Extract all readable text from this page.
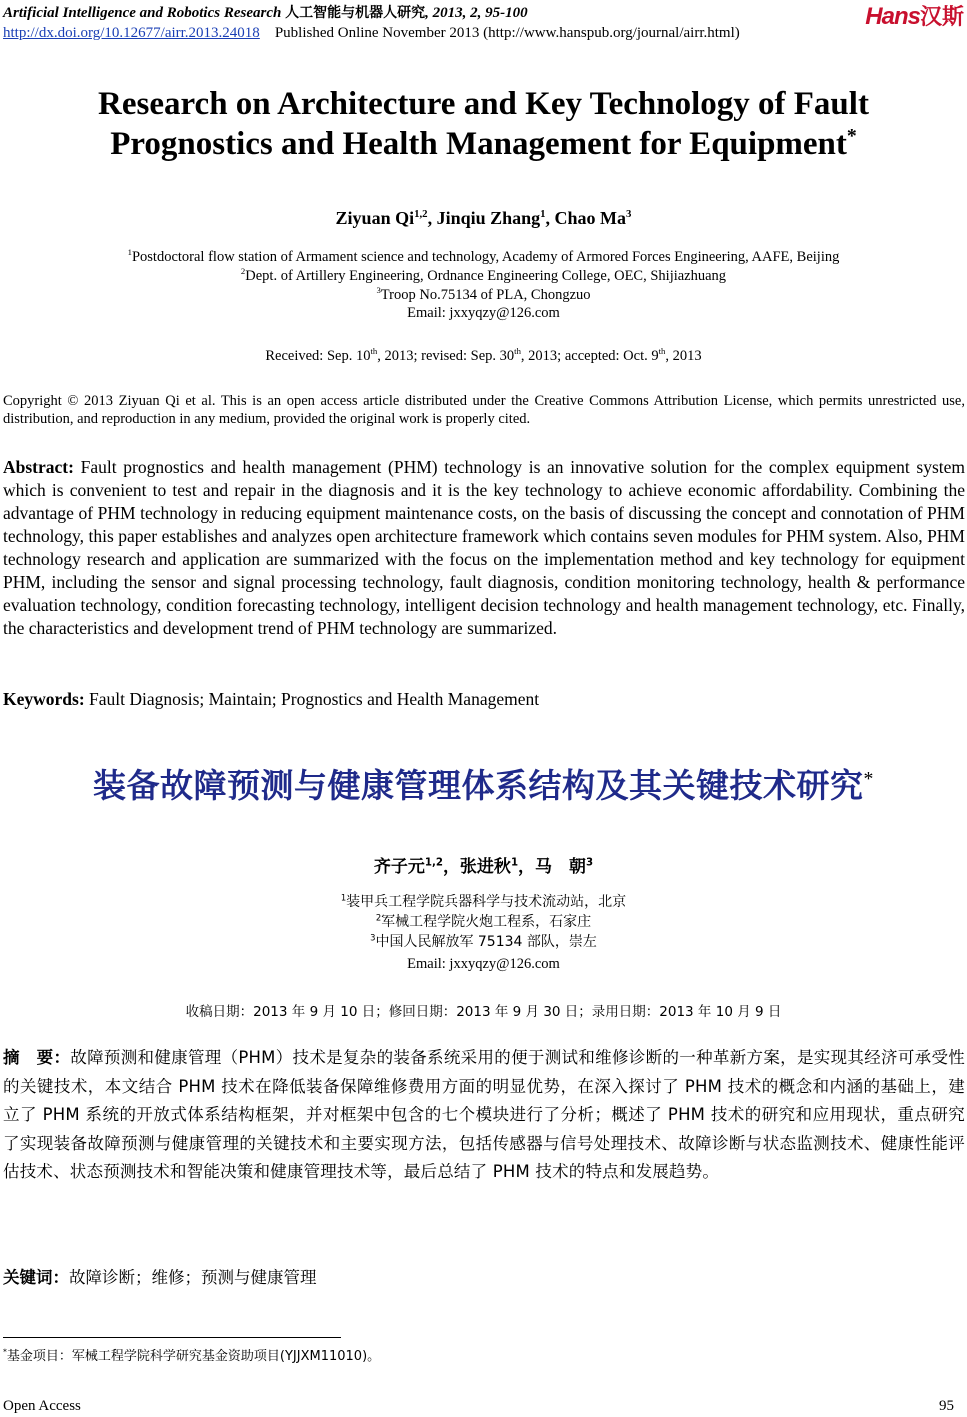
Artificial Intelligence and Robotics Research 人工智能与机器人研究, 2013, 2, 95-100	Hans汉斯
http://dx.doi.org/10.12677/airr.2013.24018 Published Online November 2013 (http://www.hanspub.org/journal/airr.html)
Research on Architecture and Key Technology of Fault
Prognostics and Health Management for Equipment*
Ziyuan Qi$^{1,2}$, Jinqiu Zhang$^1$, Chao Ma$^3$
$^1$Postdoctoral flow station of Armament science and technology, Academy of Armored Forces Engineering, AAFE, Beijing
$^2$Dept. of Artillery Engineering, Ordnance Engineering College, OEC, Shijiazhuang
$^3$Troop No.75134 of PLA, Chongzuo
Email: jxxyqzy@126.com
Received: Sep. 10th, 2013; revised: Sep. 30th, 2013; accepted: Oct. 9th, 2013
Copyright © 2013 Ziyuan Qi et al. This is an open access article distributed under the Creative Commons Attribution License, which permits unrestricted use, distribution, and reproduction in any medium, provided the original work is properly cited.
Abstract: Fault prognostics and health management (PHM) technology is an innovative solution for the complex equipment system which is convenient to test and repair in the diagnosis and it is the key technology to achieve economic affordability. Combining the advantage of PHM technology in reducing equipment maintenance costs, on the basis of discussing the concept and connotation of PHM technology, this paper establishes and analyzes open architecture framework which contains seven modules for PHM system. Also, PHM technology research and application are summarized with the focus on the implementation method and key technology for equipment PHM, including the sensor and signal processing technology, fault diagnosis, condition monitoring technology, health & performance evaluation technology, condition forecasting technology, intelligent decision technology and health management technology, etc. Finally, the characteristics and development trend of PHM technology are summarized.
Keywords: Fault Diagnosis; Maintain; Prognostics and Health Management
装备故障预测与健康管理体系结构及其关键技术研究*
齐子元$^{1,2}$，张进秋$^1$，马　朝$^3$
$^1$装甲兵工程学院兵器科学与技术流动站，北京
$^2$军械工程学院火炮工程系，石家庄
$^3$中国人民解放军 75134 部队，崇左
Email: jxxyqzy@126.com
收稿日期：2013 年 9 月 10 日；修回日期：2013 年 9 月 30 日；录用日期：2013 年 10 月 9 日
摘　要：故障预测和健康管理（PHM）技术是复杂的装备系统采用的便于测试和维修诊断的一种革新方案，是实现其经济可承受性的关键技术，本文结合 PHM 技术在降低装备保障维修费用方面的明显优势，在深入探讨了 PHM 技术的概念和内涵的基础上，建立了 PHM 系统的开放式体系结构框架，并对框架中包含的七个模块进行了分析；概述了 PHM 技术的研究和应用现状，重点研究了实现装备故障预测与健康管理的关键技术和主要实现方法，包括传感器与信号处理技术、故障诊断与状态监测技术、健康性能评估技术、状态预测技术和智能决策和健康管理技术等，最后总结了 PHM 技术的特点和发展趋势。
关键词：故障诊断；维修；预测与健康管理
*基金项目：军械工程学院科学研究基金资助项目(YJJXM11010)。
Open Access	95
